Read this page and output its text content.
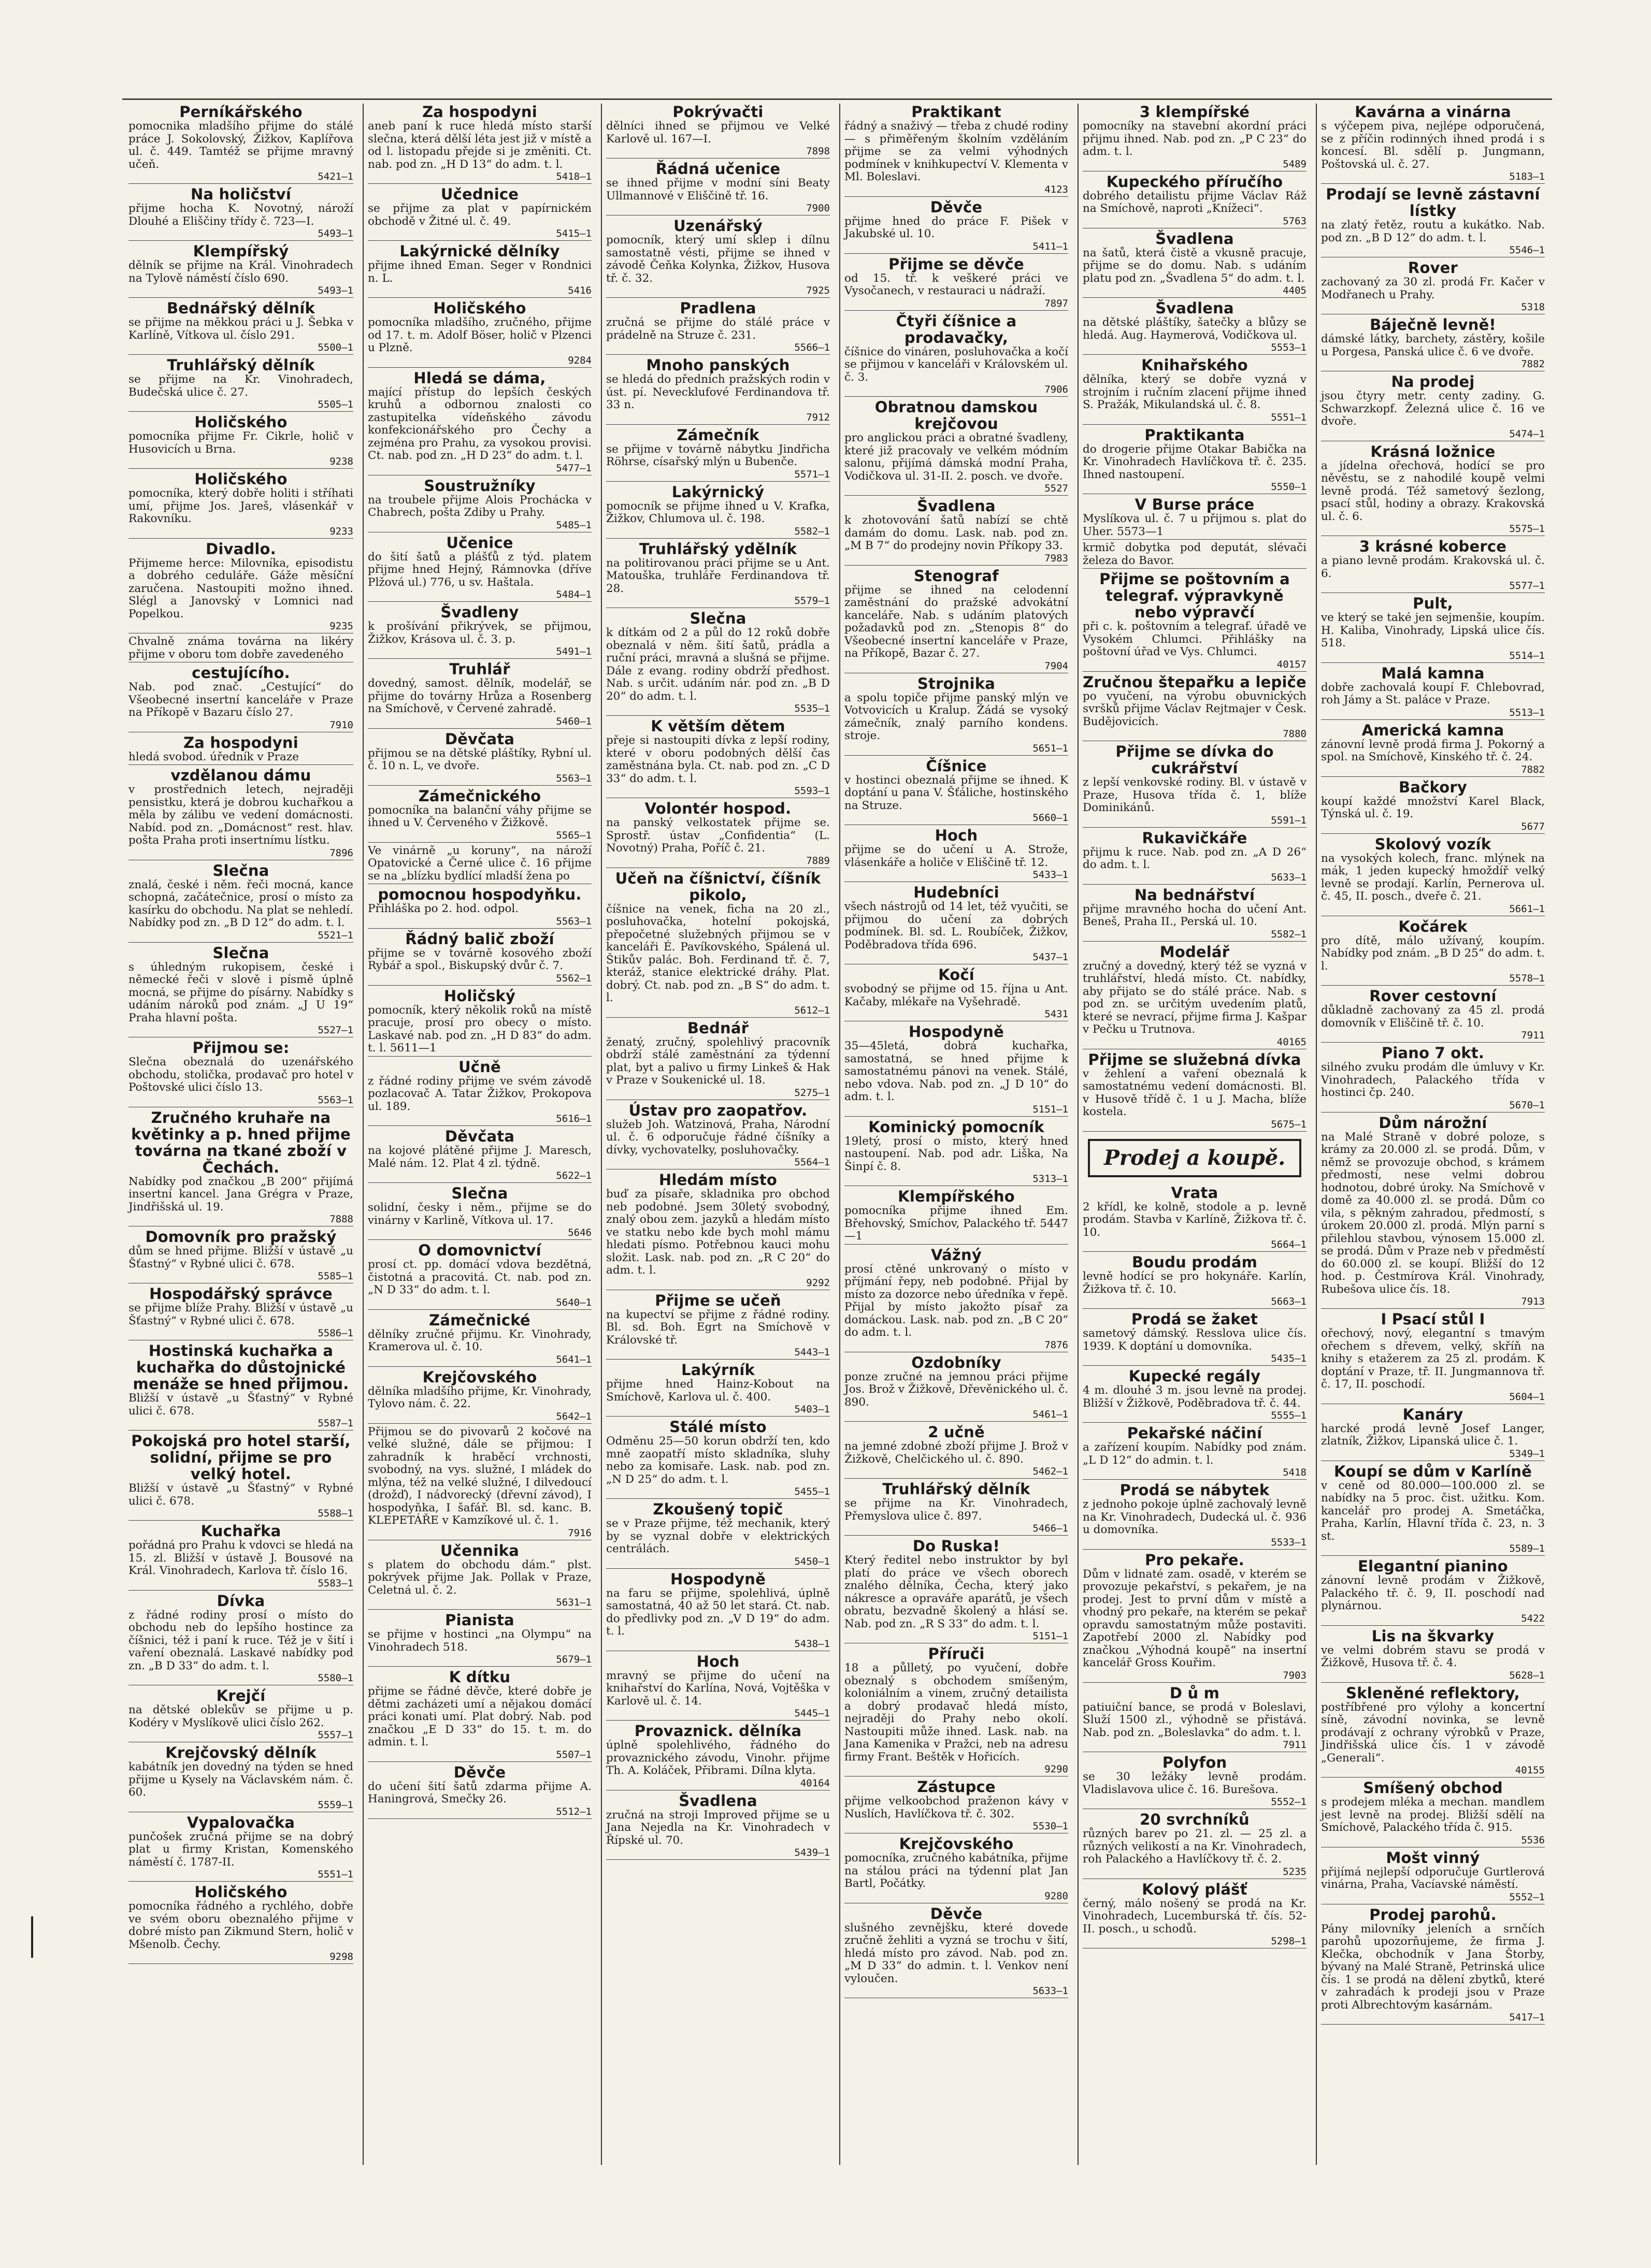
Perníkářského
pomocnika mladšího přijme do stálé práce J. Sokolovský, Žižkov, Kaplířova ul. č. 449. Tamtéž se přijme mravný učeň.
5421—1
Na holičství
přijme hocha K. Novotný, nároží Dlouhé a Eliščiny třídy č. 723—I.
5493—1
Klempířský
dělník se přijme na Král. Vinohradech na Tylově náměstí číslo 690.
5493—1
Bednářský dělník
se přijme na měkkou práci u J. Šebka v Karlíně, Vítkova ul. číslo 291.
5500—1
Truhlářský dělník
se přijme na Kr. Vinohradech, Budečská ulice č. 27.
5505—1
Holičského
pomocníka přijme Fr. Cikrle, holič v Husovicích u Brna.
9238
Holičského
pomocníka, který dobře holiti i stříhati umí, přijme Jos. Jareš, vlásenkář v Rakovníku.
9233
Divadlo.
Přijmeme herce: Milovníka, episodistu a dobrého ceduláře. Gáže měsíční zaručena. Nastoupiti možno ihned. Slégl a Janovský v Lomnici nad Popelkou.
9235
Chvalně známa továrna na likéry přijme v oboru tom dobře zavedeného
cestujícího.
Nab. pod znač. „Cestující“ do Všeobecné insertní kanceláře v Praze na Příkopě v Bazaru číslo 27.
7910
Za hospodyni
hledá svobod. úředník v Praze
vzdělanou dámu
v prostřednich letech, nejraději pensistku, která je dobrou kuchařkou a měla by zálibu ve vedení domácnosti. Nabíd. pod zn. „Domácnost“ rest. hlav. pošta Praha proti insertnímu lístku.
7896
Slečna
znalá, české i něm. řeči mocná, kance schopná, začátečnice, prosí o místo za kasírku do obchodu. Na plat se nehledí. Nabídky pod zn. „B D 12“ do adm. t. l.
5521—1
Slečna
s úhledným rukopisem, české i německé řeči v slově i písmě úplně mocná, se přijme do písárny. Nabídky s udáním nároků pod znám. „J U 19“ Praha hlavní pošta.
5527—1
Přijmou se:
Slečna obeznalá do uzenářského obchodu, stolička, prodavač pro hotel v Poštovské ulici číslo 13.
5563—1
Zručného kruhaře na květinky a p. hned přijme továrna na tkané zboží v Čechách.
Nabídky pod značkou „B 200“ přijímá insertní kancel. Jana Grégra v Praze, Jindřišská ul. 19.
7888
Domovník pro pražský
dům se hned přijme. Bližší v ústavě „u Šťastný“ v Rybné ulici č. 678.
5585—1
Hospodářský správce
se přijme blíže Prahy. Bližší v ústavě „u Šťastný“ v Rybné ulici č. 678.
5586—1
Hostinská kuchařka a kuchařka do důstojnické menáže se hned přijmou.
Bližší v ústavě „u Šťastný“ v Rybné ulici č. 678.
5587—1
Pokojská pro hotel starší, solidní, přijme se pro velký hotel.
Bližší v ústavě „u Šťastný“ v Rybné ulici č. 678.
5588—1
Kuchařka
pořádná pro Prahu k vdovci se hledá na 15. zl. Bližší v ústavě J. Bousové na Král. Vinohradech, Karlova tř. číslo 16.
5583—1
Dívka
z řádné rodiny prosí o místo do obchodu neb do lepšího hostince za číšnici, též i paní k ruce. Též je v šití i vaření obeznalá. Laskavé nabídky pod zn. „B D 33“ do adm. t. l.
5580—1
Krejčí
na dětské oblekův se přijme u p. Kodéry v Myslíkově ulici číslo 262.
5557—1
Krejčovský dělník
kabátník jen dovedný na týden se hned přijme u Kysely na Václavském nám. č. 60.
5559—1
Vypalovačka
punčošek zručná přijme se na dobrý plat u firmy Kristan, Komenského náměstí č. 1787-II.
5551—1
Holičského
pomocníka řádného a rychlého, dobře ve svém oboru obeznalého přijme v dobré místo pan Zikmund Stern, holič v Mšenolb. Čechy.
9298
Za hospodyni
aneb paní k ruce hledá místo starší slečna, která dělší léta jest již v místě a od l. listopadu přejde si je změniti. Ct. nab. pod zn. „H D 13“ do adm. t. l.
5418—1
Učednice
se přijme za plat v papírnickém obchodě v Žitné ul. č. 49.
5415—1
Lakýrnické dělníky
přijme ihned Eman. Seger v Rondnici n. L.
5416
Holičského
pomocníka mladšího, zručného, přijme od 17. t. m. Adolf Böser, holič v Plzenci u Plzně.
9284
Hledá se dáma,
mající přístup do lepších českých kruhů a odbornou znalosti co zastupitelka vídeňského závodu konfekcionářského pro Čechy a zejména pro Prahu, za vysokou provisi. Ct. nab. pod zn. „H D 23“ do adm. t. l.
5477—1
Soustružníky
na troubele přijme Alois Prochácka v Chabrech, pošta Zdiby u Prahy.
5485—1
Učenice
do šití šatů a plášťů z týd. platem přijme hned Hejný, Rámnovka (dříve Plžová ul.) 776, u sv. Haštala.
5484—1
Švadleny
k prošívání přikrývek, se přijmou, Žižkov, Krásova ul. č. 3. p.
5491—1
Truhlář
dovedný, samost. dělník, modelář, se přijme do továrny Hrůza a Rosenberg na Smíchově, v Červené zahradě.
5460—1
Děvčata
přijmou se na dětské pláštíky, Rybní ul. č. 10 n. L, ve dvoře.
5563—1
Zámečnického
pomocníka na balanční váhy přijme se ihned u V. Červeného v Žižkově.
5565—1
Ve vinárně „u koruny“, na nároží Opatovické a Černé ulice č. 16 přijme se na „blízku bydlící mladší žena po
pomocnou hospodyňku.
Přihláška po 2. hod. odpol.
5563—1
Řádný balič zboží
přijme se v továrně kosového zboží Rybář a spol., Biskupský dvůr č. 7.
5562—1
Holičský
pomocník, který několik roků na místě pracuje, prosí pro obecy o místo. Laskavé nab. pod zn. „H D 83“ do adm. t. l. 5611—1
Učně
z řádné rodiny přijme ve svém závodě pozlacovač A. Tatar Žižkov, Prokopova ul. 189.
5616—1
Děvčata
na kojové plátěné přijme J. Maresch, Malé nám. 12. Plat 4 zl. týdně.
5622—1
Slečna
solidní, česky i něm., přijme se do vinárny v Karlině, Vítkova ul. 17.
5646
O domovnictví
prosí ct. pp. domácí vdova bezdětná, čistotná a pracovitá. Ct. nab. pod zn. „N D 33“ do adm. t. l.
5640—1
Zámečnické
dělníky zručné přijmu. Kr. Vinohrady, Kramerova ul. č. 10.
5641—1
Krejčovského
dělníka mladšího přijme, Kr. Vinohrady, Tylovo nám. č. 22.
5642—1
Přijmou se do pivovarů 2 kočové na velké služné, dále se přijmou: I zahradník k hraběcí vrchnosti, svobodný, na vys. služné, I mládek do mlýna, též na velké služné, I dilvedoucí (drožď), I nádvorecký (dřevní závod), I hospodyňka, I šafář. Bl. sd. kanc. B. KLEPETÁŘE v Kamzíkové ul. č. 1.
7916
Učennika
s platem do obchodu dám.“ plst. pokrývek přijme Jak. Pollak v Praze, Celetná ul. č. 2.
5631—1
Pianista
se přijme v hostinci „na Olympu“ na Vinohradech 518.
5679—1
K dítku
přijme se řádné děvče, které dobře je dětmi zacházeti umí a nějakou domácí práci konati umí. Plat dobrý. Nab. pod značkou „E D 33“ do 15. t. m. do admin. t. l.
5507—1
Děvče
do učení šití šatů zdarma přijme A. Haningrová, Smečky 26.
5512—1
Pokrývačti
dělníci ihned se přijmou ve Velké Karlově ul. 167—I.
7898
Řádná učenice
se ihned přijme v modní síni Beaty Ullmannové v Eliščině tř. 16.
7900
Uzenářský
pomocník, který umí sklep i dílnu samostatně vésti, přijme se ihned v závodě Čeňka Kolynka, Žižkov, Husova tř. č. 32.
7925
Pradlena
zručná se přijme do stálé práce v prádelně na Struze č. 231.
5566—1
Mnoho panských
se hledá do předních pražských rodin v úst. pí. Nevecklufové Ferdinandova tř. 33 n.
7912
Zámečník
se přijme v továrně nábytku Jindřicha Röhrse, císařský mlýn u Bubenče.
5571—1
Lakýrnický
pomocník se přijme ihned u V. Krafka, Žižkov, Chlumova ul. č. 198.
5582—1
Truhlářský ydělník
na politirovanou práci přijme se u Ant. Matouška, truhláře Ferdinandova tř. 28.
5579—1
Slečna
k dítkám od 2 a půl do 12 roků dobře obeznalá v něm. šití šatů, prádla a ruční práci, mravná a slušná se přijme. Dále z evang. rodiny obdrží předhost. Nab. s určit. udáním nár. pod zn. „B D 20“ do adm. t. l.
5535—1
K větším dětem
přeje si nastoupiti dívka z lepší rodiny, které v oboru podobných dělší čas zaměstnána byla. Ct. nab. pod zn. „C D 33“ do adm. t. l.
5593—1
Volontér hospod.
na panský velkostatek přijme se. Sprostř. ústav „Confidentia“ (L. Novotný) Praha, Poříč č. 21.
7889
Učeň na číšnictví, číšník pikolo,
číšnice na venek, ficha na 20 zl., posluhovačka, hotelní pokojská, přepočetné služebných přijmou se v kanceláři É. Pavíkovského, Spálená ul. Štikův palác. Boh. Ferdinand tř. č. 7, kteráž, stanice elektrické dráhy. Plat. dobrý. Ct. nab. pod zn. „B S“ do adm. t. l.
5612—1
Bednář
ženatý, zručný, spolehlivý pracovník obdrží stálé zaměstnání za týdenní plat, byt a palivo u firmy Linkeš & Hak v Praze v Soukenické ul. 18.
5275—1
Ústav pro zaopatřov.
služeb Joh. Watzinová, Praha, Národní ul. č. 6 odporučuje řádné číšníky a dívky, vychovatelky, posluhovačky.
5564—1
Hledám místo
buď za písaře, skladnika pro obchod neb podobné. Jsem 30letý svobodný, znalý obou zem. jazyků a hledám místo ve statku nebo kde bych mohl mámu hledati písmo. Potřebnou kauci mohu složit. Lask. nab. pod zn. „R C 20“ do adm. t. l.
9292
Přijme se učeň
na kupectví se přijme z řádné rodiny. Bl. sd. Boh. Egrt na Smíchově v Královské tř.
5443—1
Lakýrník
přijme hned Hainz-Kobout na Smíchově, Karlova ul. č. 400.
5403—1
Stálé místo
Odměnu 25—50 korun obdrží ten, kdo mně zaopatří místo skladníka, sluhy nebo za komisaře. Lask. nab. pod zn. „N D 25“ do adm. t. l.
5455—1
Zkoušený topič
se v Praze přijme, též mechanik, který by se vyznal dobře v elektrických centrálách.
5450—1
Hospodyně
na faru se přijme, spolehlivá, úplně samostatná, 40 až 50 let stará. Ct. nab. do předlivky pod zn. „V D 19“ do adm. t. l.
5438—1
Hoch
mravný se přijme do učení na knihařství do Karlína, Nová, Vojtěška v Karlově ul. č. 14.
5445—1
Provaznick. dělníka
úplně spolehlivého, řádného do provaznického závodu, Vinohr. přijme Th. A. Koláček, Přibrami. Dílna klyta.
40164
Švadlena
zručná na stroji Improved přijme se u Jana Nejedla na Kr. Vinohradech v Řípské ul. 70.
5439—1
Praktikant
řádný a snaživý — třeba z chudé rodiny — s přiměřeným školním vzděláním přijme se za velmi výhodných podmínek v knihkupectví V. Klementa v Ml. Boleslavi.
4123
Děvče
přijme hned do práce F. Pišek v Jakubské ul. 10.
5411—1
Přijme se děvče
od 15. tř. k veškeré práci ve Vysočanech, v restauraci u nádraží.
7897
Čtyři číšnice a prodavačky,
číšnice do vináren, posluhovačka a kočí se přijmou v kanceláři v Královském ul. č. 3.
7906
Obratnou damskou krejčovou
pro anglickou práci a obratné švadleny, které již pracovaly ve velkém módním salonu, přijímá dámská modní Praha, Vodičkova ul. 31-II. 2. posch. ve dvoře.
5527
Švadlena
k zhotovování šatů nabízí se chtě damám do domu. Lask. nab. pod zn. „M B 7“ do prodejny novin Příkopy 33.
7983
Stenograf
přijme se ihned na celodenní zaměstnání do pražské advokátní kanceláře. Nab. s udáním platových požadavků pod zn. „Stenopis 8“ do Všeobecné insertní kanceláře v Praze, na Příkopě, Bazar č. 27.
7904
Strojnika
a spolu topiče přijme panský mlýn ve Votvovicích u Kralup. Žádá se vysoký zámečník, znalý parního kondens. stroje.
5651—1
Číšnice
v hostinci obeznalá přijme se ihned. K doptání u pana V. Šťáliche, hostinského na Struze.
5660—1
Hoch
přijme se do učení u A. Strože, vlásenkáře a holiče v Eliščině tř. 12.
5433—1
Hudebníci
všech nástrojů od 14 let, též vyučiti, se přijmou do učení za dobrých podmínek. Bl. sd. L. Roubíček, Žižkov, Poděbradova třída 696.
5437—1
Kočí
svobodný se přijme od 15. října u Ant. Kačaby, mlékaře na Vyšehradě.
5431
Hospodyně
35—45letá, dobrá kuchařka, samostatná, se hned přijme k samostatnému pánovi na venek. Stálé, nebo vdova. Nab. pod zn. „J D 10“ do adm. t. l.
5151—1
Kominický pomocník
19letý, prosí o místo, který hned nastoupení. Nab. pod adr. Liška, Na Šinpí č. 8.
5313—1
Klempířského
pomocníka přijme ihned Em. Břehovský, Smíchov, Palackého tř. 5447—1
Vážný
prosí ctěné unkrovaný o místo v příjmání řepy, neb podobné. Přijal by místo za dozorce nebo úředníka v řepě. Přijal by místo jakožto písař za domáckou. Lask. nab. pod zn. „B C 20“ do adm. t. l.
7876
Ozdobníky
ponze zručné na jemnou práci přijme Jos. Brož v Žižkově, Dřevěnického ul. č. 890.
5461—1
2 učně
na jemné zdobné zboží přijme J. Brož v Žižkově, Chelčického ul. č. 890.
5462—1
Truhlářský dělník
se přijme na Kr. Vinohradech, Přemyslova ulice č. 897.
5466—1
Do Ruska!
Který ředitel nebo instruktor by byl platí do práce ve všech oborech znalého dělníka, Čecha, který jako nákresce a opraváře aparátů, je všech obratu, bezvadně školený a hlásí se. Nab. pod zn. „R S 33“ do adm. t. l.
5151—1
Příruči
18 a půlletý, po vyučení, dobře obeznalý s obchodem smíšeným, koloniálním a vinem, zručný detailista a dobrý prodavač hledá místo, nejraději do Prahy nebo okolí. Nastoupiti může ihned. Lask. nab. na Jana Kamenika v Pražci, neb na adresu firmy Frant. Beštěk v Hořicích.
9290
Zástupce
přijme velkoobchod praženon kávy v Nuslích, Havlíčkova tř. č. 302.
5530—1
Krejčovského
pomocníka, zručného kabátníka, přijme na stálou práci na týdenní plat Jan Bartl, Počátky.
9280
Děvče
slušného zevnějšku, které dovede zručně žehliti a vyzná se trochu v šití, hledá místo pro závod. Nab. pod zn. „M D 33“ do admin. t. l. Venkov není vyloučen.
5633—1
3 klempířské
pomocníky na stavební akordní práci přijmu ihned. Nab. pod zn. „P C 23“ do adm. t. l.
5489
Kupeckého příručího
dobrého detailistu přijme Václav Ráž na Smíchově, naproti „Knížeci“.
5763
Švadlena
na šatů, která čistě a vkusně pracuje, přijme se do domu. Nab. s udáním platu pod zn. „Švadlena 5“ do adm. t. l.
4405
Švadlena
na dětské pláštíky, šatečky a blůzy se hledá. Aug. Haymerová, Vodičkova ul.
5553—1
Knihařského
dělníka, který se dobře vyzná v strojním i ručním zlacení přijme ihned S. Pražák, Mikulandská ul. č. 8.
5551—1
Praktikanta
do drogerie přijme Otakar Babička na Kr. Vinohradech Havlíčkova tř. č. 235. Ihned nastoupení.
5550—1
V Burse práce
Myslíkova ul. č. 7 u přijmou s. plat do Uher. 5573—1
krmič dobytka pod deputát, slévači železa do Bavor.
Přijme se poštovním a telegraf. výpravkyně nebo výpravčí
při c. k. poštovním a telegraf. úřadě ve Vysokém Chlumci. Přihlášky na poštovní úřad ve Vys. Chlumci.
40157
Zručnou štepařku a lepiče
po vyučení, na výrobu obuvnických svršků přijme Václav Rejtmajer v Česk. Budějovicích.
7880
Přijme se dívka do cukrářství
z lepší venkovské rodiny. Bl. v ústavě v Praze, Husova třída č. 1, blíže Dominikánů.
5591—1
Rukavičkáře
přijmu k ruce. Nab. pod zn. „A D 26“ do adm. t. l.
5633—1
Na bednářství
přijme mravného hocha do učení Ant. Beneš, Praha II., Perská ul. 10.
5582—1
Modelář
zručný a dovedný, který též se vyzná v truhlářství, hledá místo. Ct. nabídky, aby přijato se do stálé práce. Nab. s pod zn. se určitým uvedením platů, které se nevrací, přijme firma J. Kašpar v Pečku u Trutnova.
40165
Přijme se služebná dívka
v žehlení a vaření obeznalá k samostatnému vedení domácnosti. Bl. v Husově třídě č. 1 u J. Macha, blíže kostela.
5675—1
Prodej a koupě.
Vrata
2 křídl, ke kolně, stodole a p. levně prodám. Stavba v Karlíně, Žižkova tř. č. 10.
5664—1
Boudu prodám
levně hodící se pro hokynáře. Karlín, Žižkova tř. č. 10.
5663—1
Prodá se žaket
sametový dámský. Resslova ulice čís. 1939. K doptání u domovníka.
5435—1
Kupecké regály
4 m. dlouhé 3 m. jsou levně na prodej. Bližší v Žižkově, Poděbradova tř. č. 44.
5555—1
Pekařské náčiní
a zařízení koupím. Nabídky pod znám. „L D 12“ do admin. t. l.
5418
Prodá se nábytek
z jednoho pokoje úplně zachovalý levně na Kr. Vinohradech, Dudecká ul. č. 936 u domovníka.
5533—1
Pro pekaře.
Dům v lidnaté zam. osadě, v kterém se provozuje pekařství, s pekařem, je na prodej. Jest to první dům v místě a vhodný pro pekaře, na kterém se pekař opravdu samostatným může postaviti. Zapotřebí 2000 zl. Nabídky pod značkou „Výhodná koupě“ na insertní kancelář Gross Kouřim.
7903
D ů m
patiuiční bance, se prodá v Boleslavi, Služí 1500 zl., výhodně se přistává. Nab. pod zn. „Boleslavka“ do adm. t. l.
7911
Polyfon
se 30 ležáky levně prodám. Vladislavova ulice č. 16. Burešova.
5552—1
20 svrchníků
různých barev po 21. zl. — 25 zl. a různých velikostí a na Kr. Vinohradech, roh Palackého a Havlíčkovy tř. č. 2.
5235
Kolový plášť
černý, málo nošený se prodá na Kr. Vinohradech, Lucemburská tř. čís. 52-II. posch., u schodů.
5298—1
Kavárna a vinárna
s výčepem piva, nejlépe odporučená, se z příčin rodinných ihned prodá i s koncesí. Bl. sdělí p. Jungmann, Poštovská ul. č. 27.
5183—1
Prodají se levně zástavní lístky
na zlatý řetěz, routu a kukátko. Nab. pod zn. „B D 12“ do adm. t. l.
5546—1
Rover
zachovaný za 30 zl. prodá Fr. Kačer v Modřanech u Prahy.
5318
Báječně levně!
dámské látky, barchety, zástěry, košile u Porgesa, Panská ulice č. 6 ve dvoře.
7882
Na prodej
jsou čtyry metr. centy zadiny. G. Schwarzkopf. Železná ulice č. 16 ve dvoře.
5474—1
Krásná ložnice
a jídelna ořechová, hodící se pro něvěstu, se z nahodilé koupě velmi levně prodá. Též sametový šezlong, psací stůl, hodiny a obrazy. Krakovská ul. č. 6.
5575—1
3 krásné koberce
a piano levně prodám. Krakovská ul. č. 6.
5577—1
Pult,
ve který se také jen sejmenšie, koupím. H. Kaliba, Vinohrady, Lipská ulice čís. 518.
5514—1
Malá kamna
dobře zachovalá koupí F. Chlebovrad, roh Jámy a St. paláce v Praze.
5513—1
Americká kamna
zánovní levně prodá firma J. Pokorný a spol. na Smíchově, Kinského tř. č. 24.
7882
Bačkory
koupí každé množství Karel Black, Týnská ul. č. 19.
5677
Skolový vozík
na vysokých kolech, franc. mlýnek na mák, 1 jeden kupecký hmoždíř velký levně se prodají. Karlín, Pernerova ul. č. 45, II. posch., dveře č. 21.
5661—1
Kočárek
pro dítě, málo užívaný, koupím. Nabídky pod znám. „B D 25“ do adm. t. l.
5578—1
Rover cestovní
důkladně zachovaný za 45 zl. prodá domovník v Eliščině tř. č. 10.
7911
Piano 7 okt.
silného zvuku prodám dle úmluvy v Kr. Vinohradech, Palackého třída v hostinci čp. 240.
5670—1
Dům nárožní
na Malé Straně v dobré poloze, s krámy za 20.000 zl. se prodá. Dům, v němž se provozuje obchod, s krámem předmostí, nese velmi dobrou hodnotou, dobré úroky. Na Smíchově v domě za 40.000 zl. se prodá. Dům co vila, s pěkným zahradou, předmostí, s úrokem 20.000 zl. prodá. Mlýn parní s přilehlou stavbou, výnosem 15.000 zl. se prodá. Dům v Praze neb v předměstí do 60.000 zl. se koupí. Bližší do 12 hod. p. Čestmírova Král. Vinohrady, Rubešova ulice čís. 18.
7913
I Psací stůl I
ořechový, nový, elegantní s tmavým ořechem s dřevem, velký, skříň na knihy s etažerem za 25 zl. prodám. K doptání v Praze, tř. II. Jungmannova tř. č. 17, II. poschodí.
5604—1
Kanáry
harcké prodá levně Josef Langer, zlatník, Žižkov, Lipanská ulice č. 1.
5349—1
Koupí se dům v Karlíně
v ceně od 80.000—100.000 zl. se nabídky na 5 proc. čist. užitku. Kom. kancelář pro prodej A. Smetáčka, Praha, Karlín, Hlavní třída č. 23, n. 3 st.
5589—1
Elegantní pianino
zánovní levně prodám v Žižkově, Palackého tř. č. 9, II. poschodí nad plynárnou.
5422
Lis na škvarky
ve velmi dobrém stavu se prodá v Žižkově, Husova tř. č. 4.
5628—1
Skleněné reflektory,
postříbřené pro výlohy a koncertní síně, závodní novinka, se levně prodávají z ochrany výrobků v Praze, Jindřišská ulice čís. 1 v závodě „Generali“.
40155
Smíšený obchod
s prodejem mléka a mechan. mandlem jest levně na prodej. Bližší sdělí na Smíchově, Palackého třída č. 915.
5536
Mošt vinný
přijímá nejlepší odporučuje Gurtlerová vinárna, Praha, Vacíavské náměstí.
5552—1
Prodej parohů.
Pány milovníky jeleních a srnčích parohů upozorňujeme, že firma J. Klečka, obchodník v Jana Štorby, bývaný na Malé Straně, Petrinská ulice čís. 1 se prodá na dělení zbytků, které v zahradách k prodeji jsou v Praze proti Albrechtovým kasárnám.
5417—1
